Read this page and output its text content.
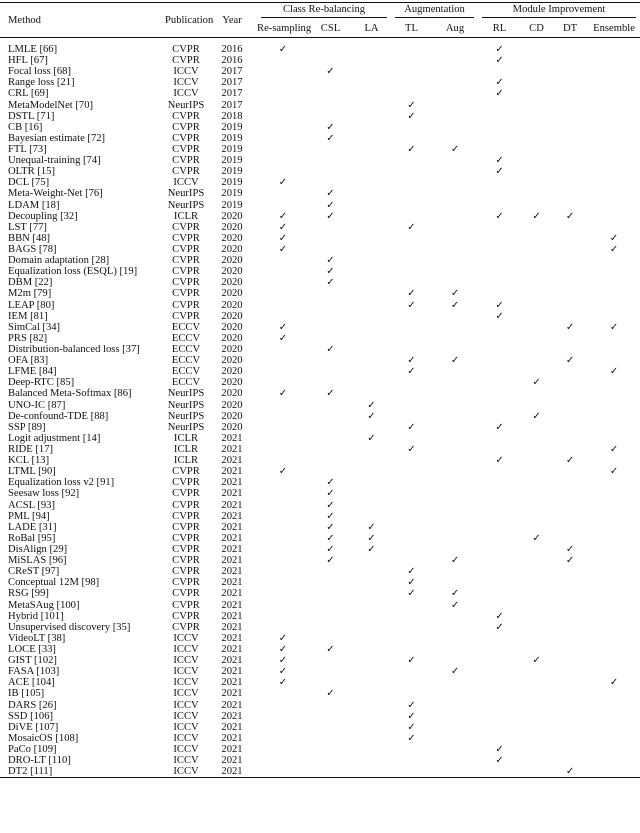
Method	Publication	Year	Class Re-balancing			Augmentation		Module Improvement			

			Re-sampling	CSL	LA	TL	Aug	RL	CD	DT	Ensemble

LMLE [66]	CVPR	2016	✓					✓			
HFL [67]	CVPR	2016						✓			
Focal loss [68]	ICCV	2017		✓							
Range loss [21]	ICCV	2017						✓			
CRL [69]	ICCV	2017						✓			
MetaModelNet [70]	NeurIPS	2017				✓					
DSTL [71]	CVPR	2018				✓					
CB [16]	CVPR	2019		✓							
Bayesian estimate [72]	CVPR	2019		✓							
FTL [73]	CVPR	2019				✓	✓				
Unequal-training [74]	CVPR	2019						✓			
OLTR [15]	CVPR	2019						✓			
DCL [75]	ICCV	2019	✓								
Meta-Weight-Net [76]	NeurIPS	2019		✓							
LDAM [18]	NeurIPS	2019		✓							
Decoupling [32]	ICLR	2020	✓	✓				✓	✓	✓	
LST [77]	CVPR	2020	✓			✓					
BBN [48]	CVPR	2020	✓								✓
BAGS [78]	CVPR	2020	✓								✓
Domain adaptation [28]	CVPR	2020		✓							
Equalization loss (ESQL) [19]	CVPR	2020		✓							
DBM [22]	CVPR	2020		✓							
M2m [79]	CVPR	2020				✓	✓				
LEAP [80]	CVPR	2020				✓	✓	✓			
IEM [81]	CVPR	2020						✓			
SimCal [34]	ECCV	2020	✓							✓	✓
PRS [82]	ECCV	2020	✓								
Distribution-balanced loss [37]	ECCV	2020		✓							
OFA [83]	ECCV	2020				✓	✓			✓	
LFME [84]	ECCV	2020				✓					✓
Deep-RTC [85]	ECCV	2020							✓		
Balanced Meta-Softmax [86]	NeurIPS	2020	✓	✓							
UNO-IC [87]	NeurIPS	2020			✓						
De-confound-TDE [88]	NeurIPS	2020			✓				✓		
SSP [89]	NeurIPS	2020				✓		✓			
Logit adjustment [14]	ICLR	2021			✓						
RIDE [17]	ICLR	2021				✓					✓
KCL [13]	ICLR	2021						✓		✓	
LTML [90]	CVPR	2021	✓								✓
Equalization loss v2 [91]	CVPR	2021		✓							
Seesaw loss [92]	CVPR	2021		✓							
ACSL [93]	CVPR	2021		✓							
PML [94]	CVPR	2021		✓							
LADE [31]	CVPR	2021		✓	✓						
RoBal [95]	CVPR	2021		✓	✓				✓		
DisAlign [29]	CVPR	2021		✓	✓					✓	
MiSLAS [96]	CVPR	2021		✓			✓			✓	
CReST [97]	CVPR	2021				✓					
Conceptual 12M [98]	CVPR	2021				✓					
RSG [99]	CVPR	2021				✓	✓				
MetaSAug [100]	CVPR	2021					✓				
Hybrid [101]	CVPR	2021						✓			
Unsupervised discovery [35]	CVPR	2021						✓			
VideoLT [38]	ICCV	2021	✓								
LOCE [33]	ICCV	2021	✓	✓							
GIST [102]	ICCV	2021	✓			✓			✓		
FASA [103]	ICCV	2021	✓				✓				
ACE [104]	ICCV	2021	✓								✓
IB [105]	ICCV	2021		✓							
DARS [26]	ICCV	2021				✓					
SSD [106]	ICCV	2021				✓					
DiVE [107]	ICCV	2021				✓					
MosaicOS [108]	ICCV	2021				✓					
PaCo [109]	ICCV	2021						✓			
DRO-LT [110]	ICCV	2021						✓			
DT2 [111]	ICCV	2021								✓	
